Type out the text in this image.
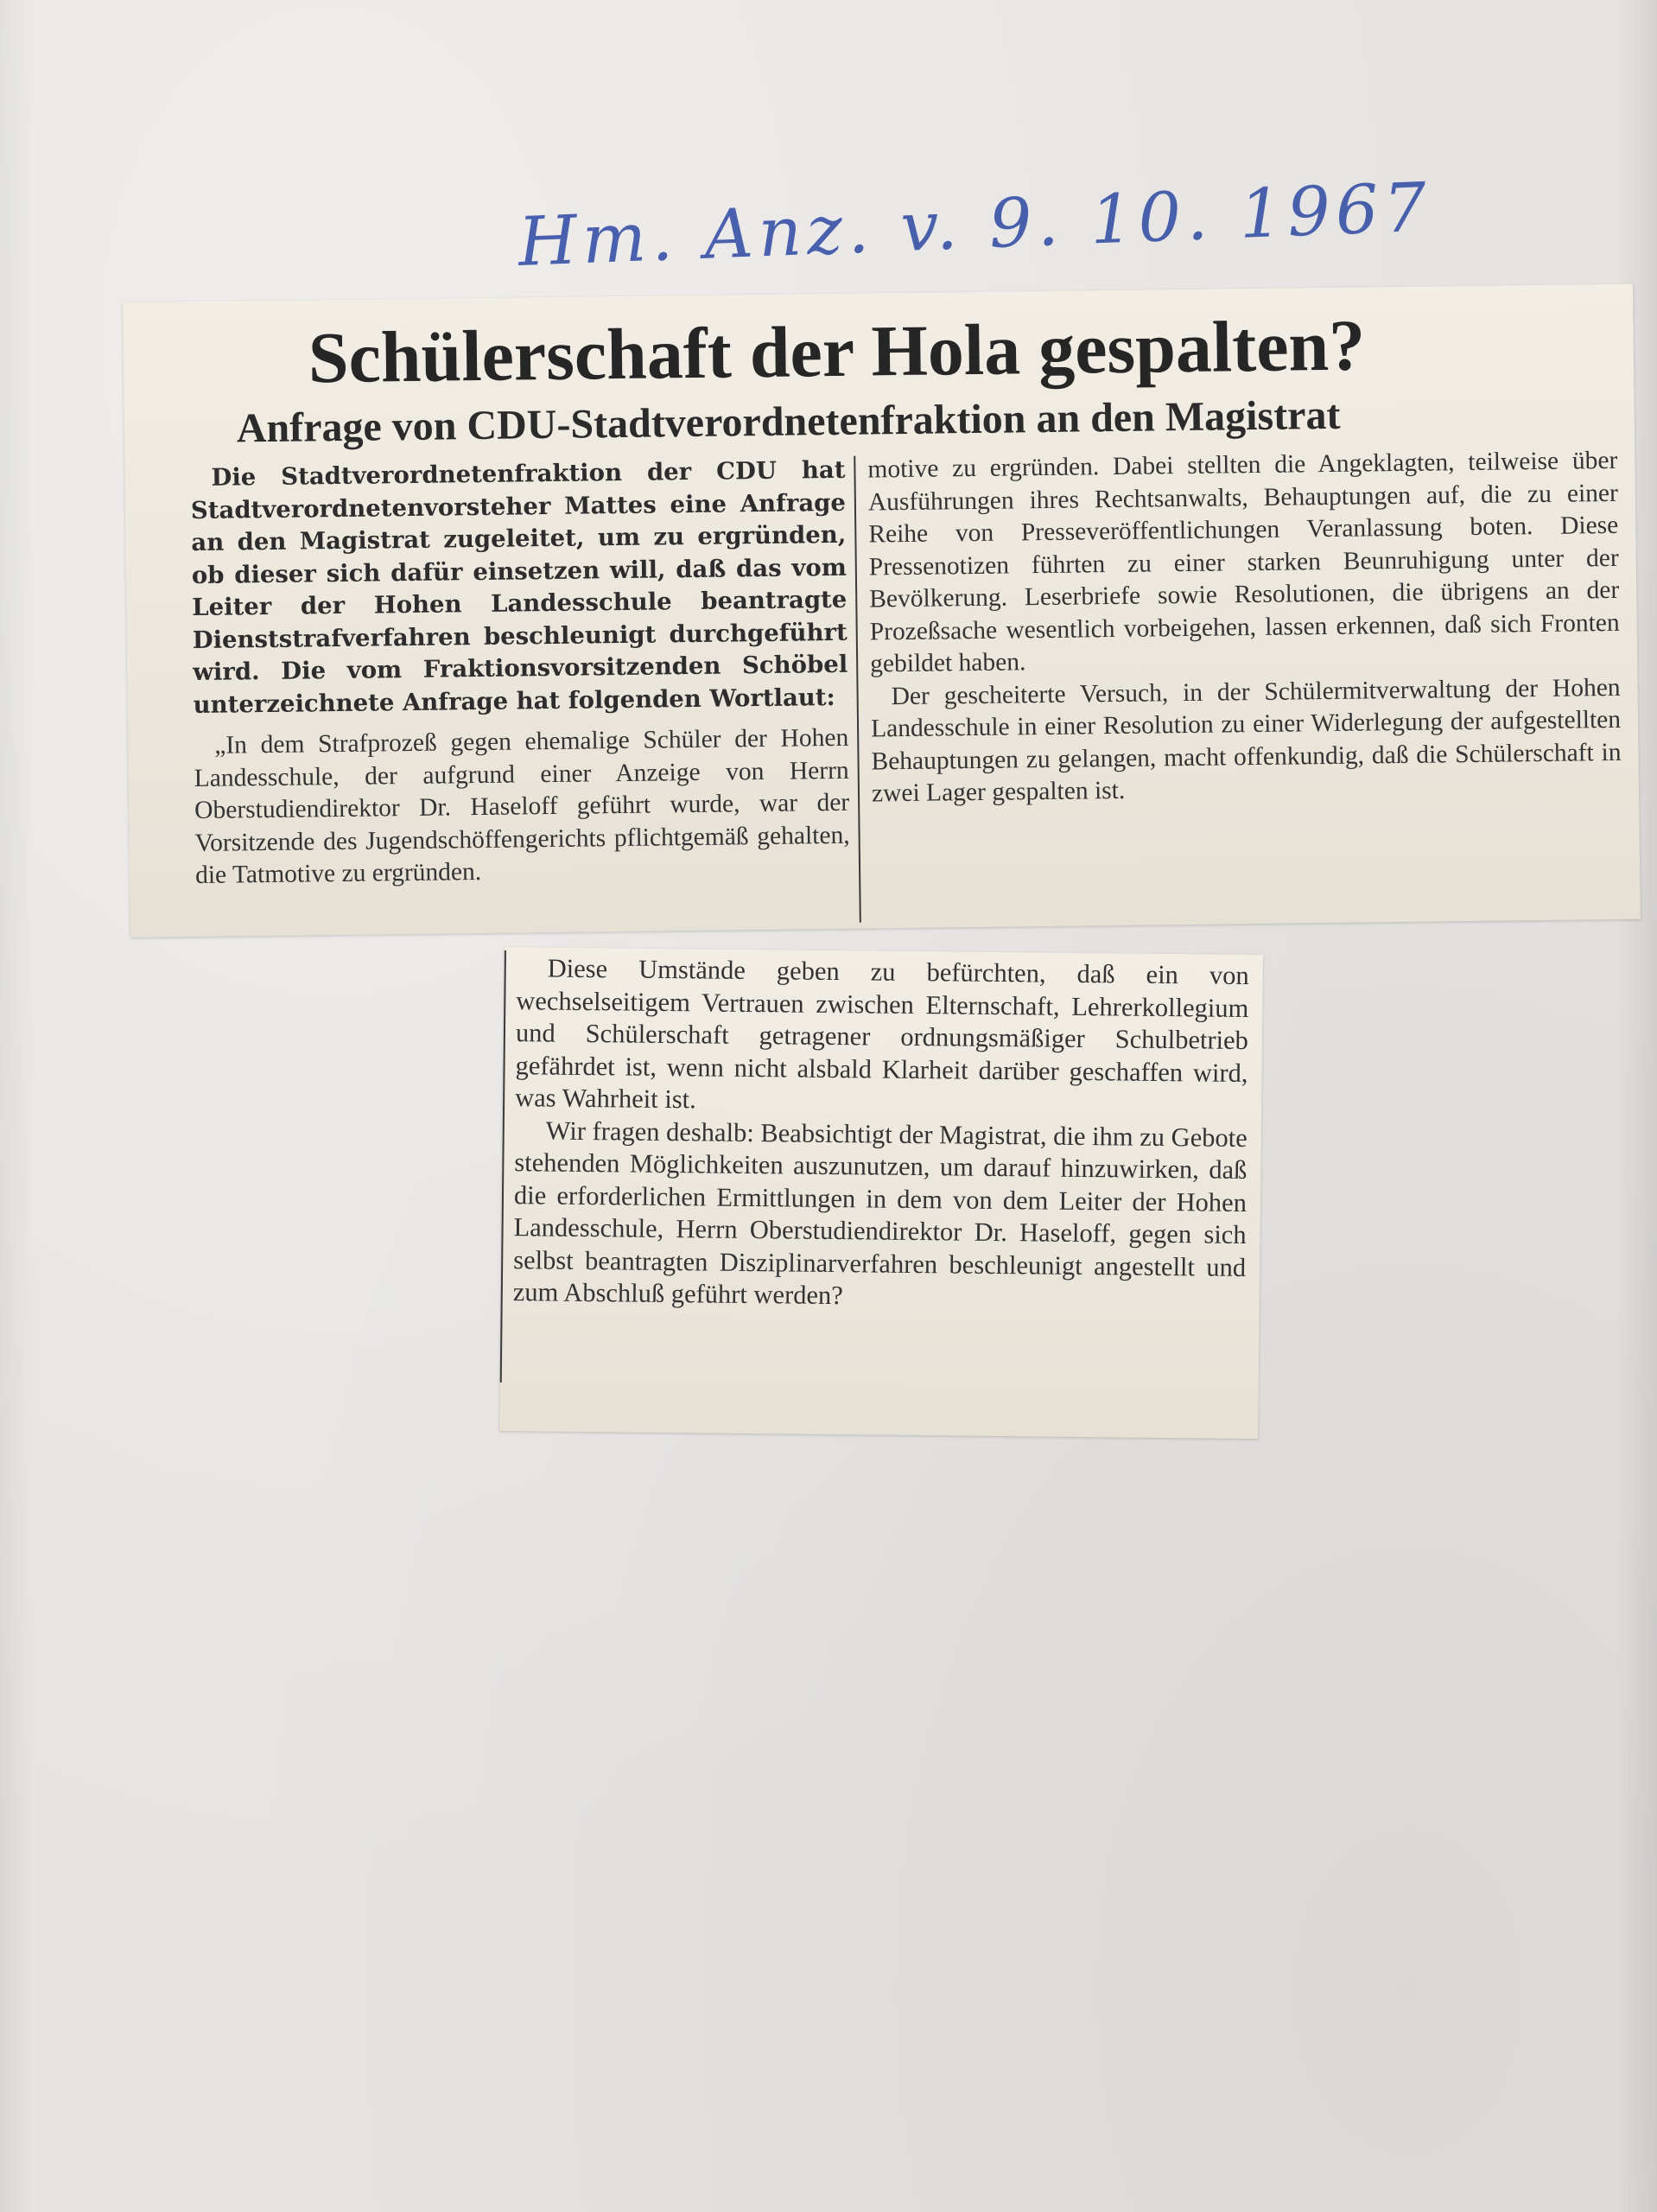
Hm. Anz. v. 9. 10. 1967
Schülerschaft der Hola gespalten?
Anfrage von CDU-Stadtverordnetenfraktion an den Magistrat

Die Stadtverordnetenfraktion der CDU hat Stadtverordnetenvorsteher Mattes eine Anfrage an den Magistrat zugeleitet, um zu ergründen, ob dieser sich dafür einsetzen will, daß das vom Leiter der Hohen Landesschule beantragte Dienststrafverfahren beschleunigt durchgeführt wird. Die vom Fraktionsvorsitzenden Schöbel unterzeichnete Anfrage hat folgenden Wortlaut:

„In dem Strafprozeß gegen ehemalige Schüler der Hohen Landesschule, der aufgrund einer Anzeige von Herrn Oberstudiendirektor Dr. Haseloff geführt wurde, war der Vorsitzende des Jugendschöffengerichts pflichtgemäß gehalten, die Tatmotive zu ergründen.

motive zu ergründen. Dabei stellten die Angeklagten, teilweise über Ausführungen ihres Rechtsanwalts, Behauptungen auf, die zu einer Reihe von Presseveröffentlichungen Veranlassung boten. Diese Pressenotizen führten zu einer starken Beunruhigung unter der Bevölkerung. Leserbriefe sowie Resolutionen, die übrigens an der Prozeßsache wesentlich vorbeigehen, lassen erkennen, daß sich Fronten gebildet haben.

Der gescheiterte Versuch, in der Schülermitverwaltung der Hohen Landesschule in einer Resolution zu einer Widerlegung der aufgestellten Behauptungen zu gelangen, macht offenkundig, daß die Schülerschaft in zwei Lager gespalten ist.

Diese Umstände geben zu befürchten, daß ein von wechselseitigem Vertrauen zwischen Elternschaft, Lehrerkollegium und Schülerschaft getragener ordnungsmäßiger Schulbetrieb gefährdet ist, wenn nicht alsbald Klarheit darüber geschaffen wird, was Wahrheit ist.

Wir fragen deshalb: Beabsichtigt der Magistrat, die ihm zu Gebote stehenden Möglichkeiten auszunutzen, um darauf hinzuwirken, daß die erforderlichen Ermittlungen in dem von dem Leiter der Hohen Landesschule, Herrn Oberstudiendirektor Dr. Haseloff, gegen sich selbst beantragten Disziplinarverfahren beschleunigt angestellt und zum Abschluß geführt werden?
